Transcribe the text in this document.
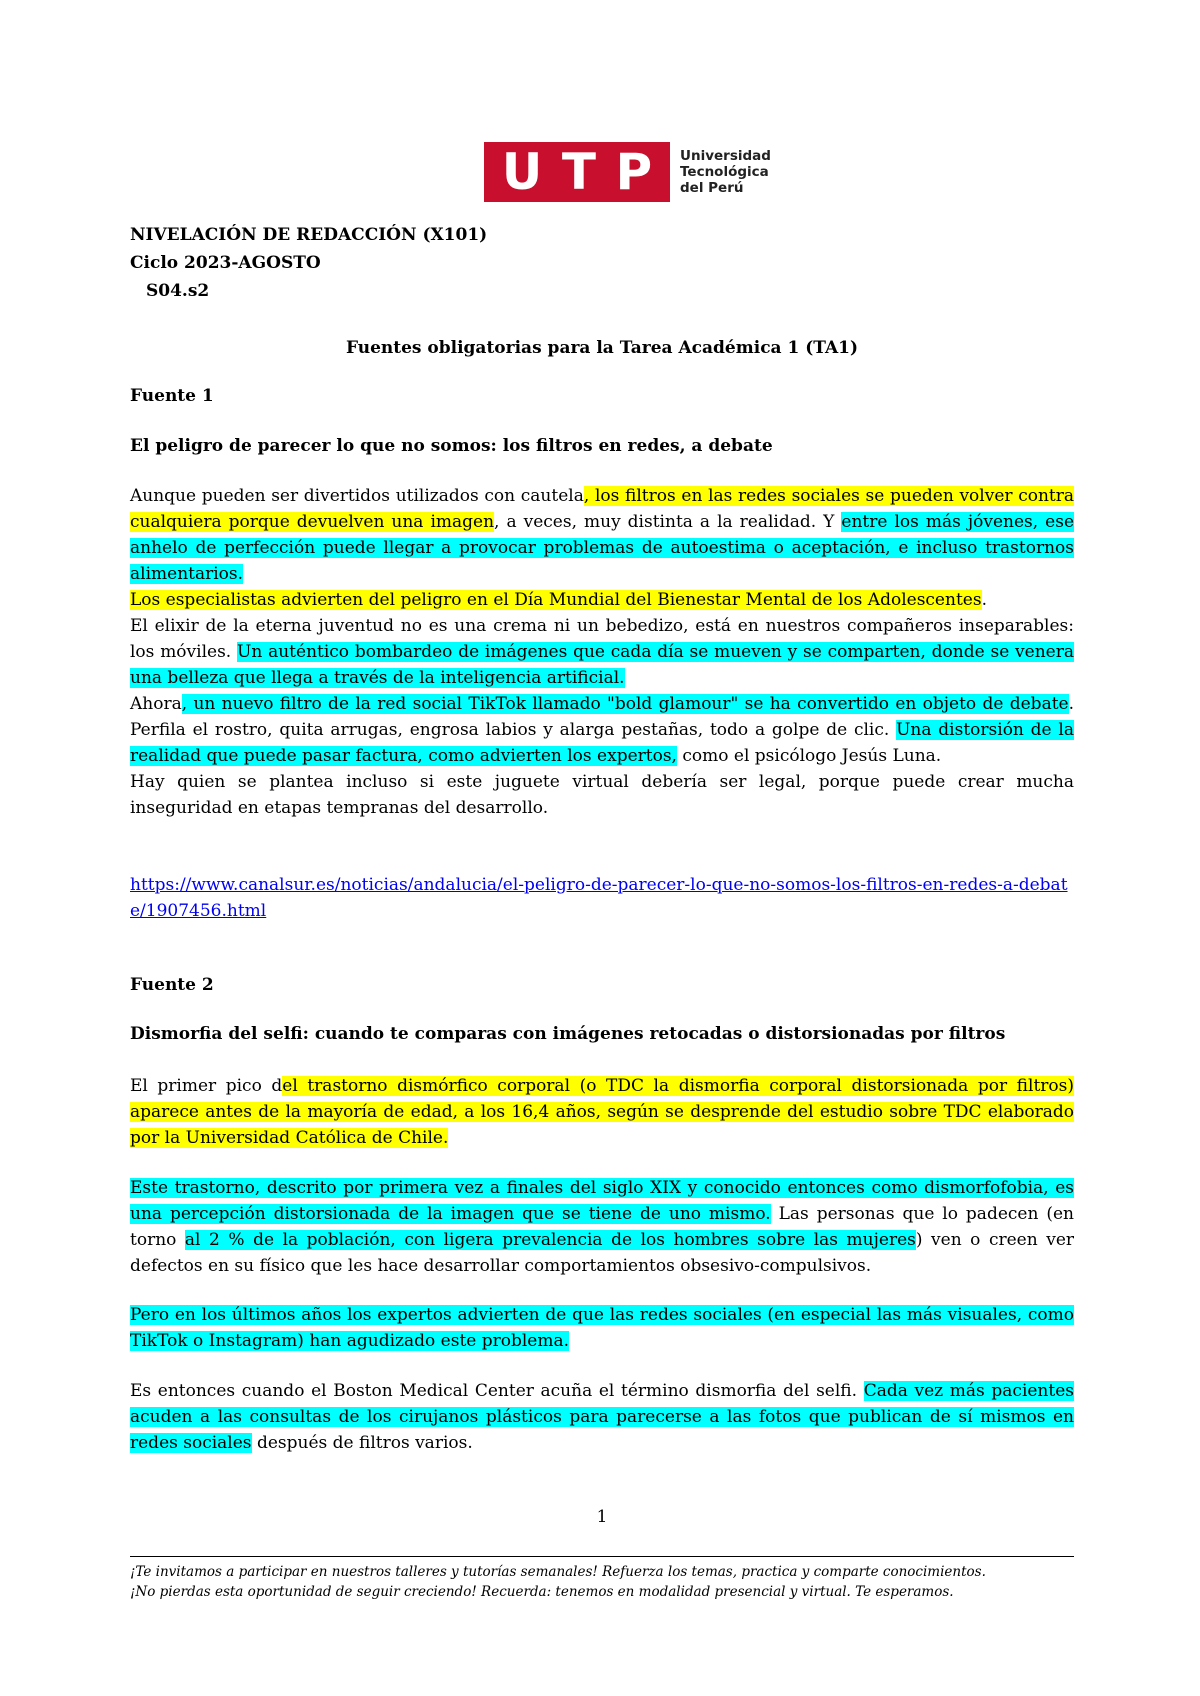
U T P Universidad
Tecnológica
del Perú
NIVELACIÓN DE REDACCIÓN (X101)
Ciclo 2023-AGOSTO
S04.s2
Fuentes obligatorias para la Tarea Académica 1 (TA1)
Fuente 1
El peligro de parecer lo que no somos: los filtros en redes, a debate
Aunque pueden ser divertidos utilizados con cautela, los filtros en las redes sociales se pueden volver contra cualquiera porque devuelven una imagen, a veces, muy distinta a la realidad. Y entre los más jóvenes, ese anhelo de perfección puede llegar a provocar problemas de autoestima o aceptación, e incluso trastornos alimentarios.
Los especialistas advierten del peligro en el Día Mundial del Bienestar Mental de los Adolescentes.
El elixir de la eterna juventud no es una crema ni un bebedizo, está en nuestros compañeros inseparables: los móviles. Un auténtico bombardeo de imágenes que cada día se mueven y se comparten, donde se venera una belleza que llega a través de la inteligencia artificial.
Ahora, un nuevo filtro de la red social TikTok llamado "bold glamour" se ha convertido en objeto de debate. Perfila el rostro, quita arrugas, engrosa labios y alarga pestañas, todo a golpe de clic. Una distorsión de la realidad que puede pasar factura, como advierten los expertos, como el psicólogo Jesús Luna.
Hay quien se plantea incluso si este juguete virtual debería ser legal, porque puede crear mucha inseguridad en etapas tempranas del desarrollo.
https://www.canalsur.es/noticias/andalucia/el-peligro-de-parecer-lo-que-no-somos-los-filtros-en-redes-a-debate/1907456.html
Fuente 2
Dismorfia del selfi: cuando te comparas con imágenes retocadas o distorsionadas por filtros
El primer pico del trastorno dismórfico corporal (o TDC la dismorfia corporal distorsionada por filtros) aparece antes de la mayoría de edad, a los 16,4 años, según se desprende del estudio sobre TDC elaborado por la Universidad Católica de Chile.
Este trastorno, descrito por primera vez a finales del siglo XIX y conocido entonces como dismorfofobia, es una percepción distorsionada de la imagen que se tiene de uno mismo. Las personas que lo padecen (en torno al 2 % de la población, con ligera prevalencia de los hombres sobre las mujeres) ven o creen ver defectos en su físico que les hace desarrollar comportamientos obsesivo-compulsivos.
Pero en los últimos años los expertos advierten de que las redes sociales (en especial las más visuales, como TikTok o Instagram) han agudizado este problema.
Es entonces cuando el Boston Medical Center acuña el término dismorfia del selfi. Cada vez más pacientes acuden a las consultas de los cirujanos plásticos para parecerse a las fotos que publican de sí mismos en redes sociales después de filtros varios.
1
¡Te invitamos a participar en nuestros talleres y tutorías semanales! Refuerza los temas, practica y comparte conocimientos.
¡No pierdas esta oportunidad de seguir creciendo! Recuerda: tenemos en modalidad presencial y virtual. Te esperamos.
